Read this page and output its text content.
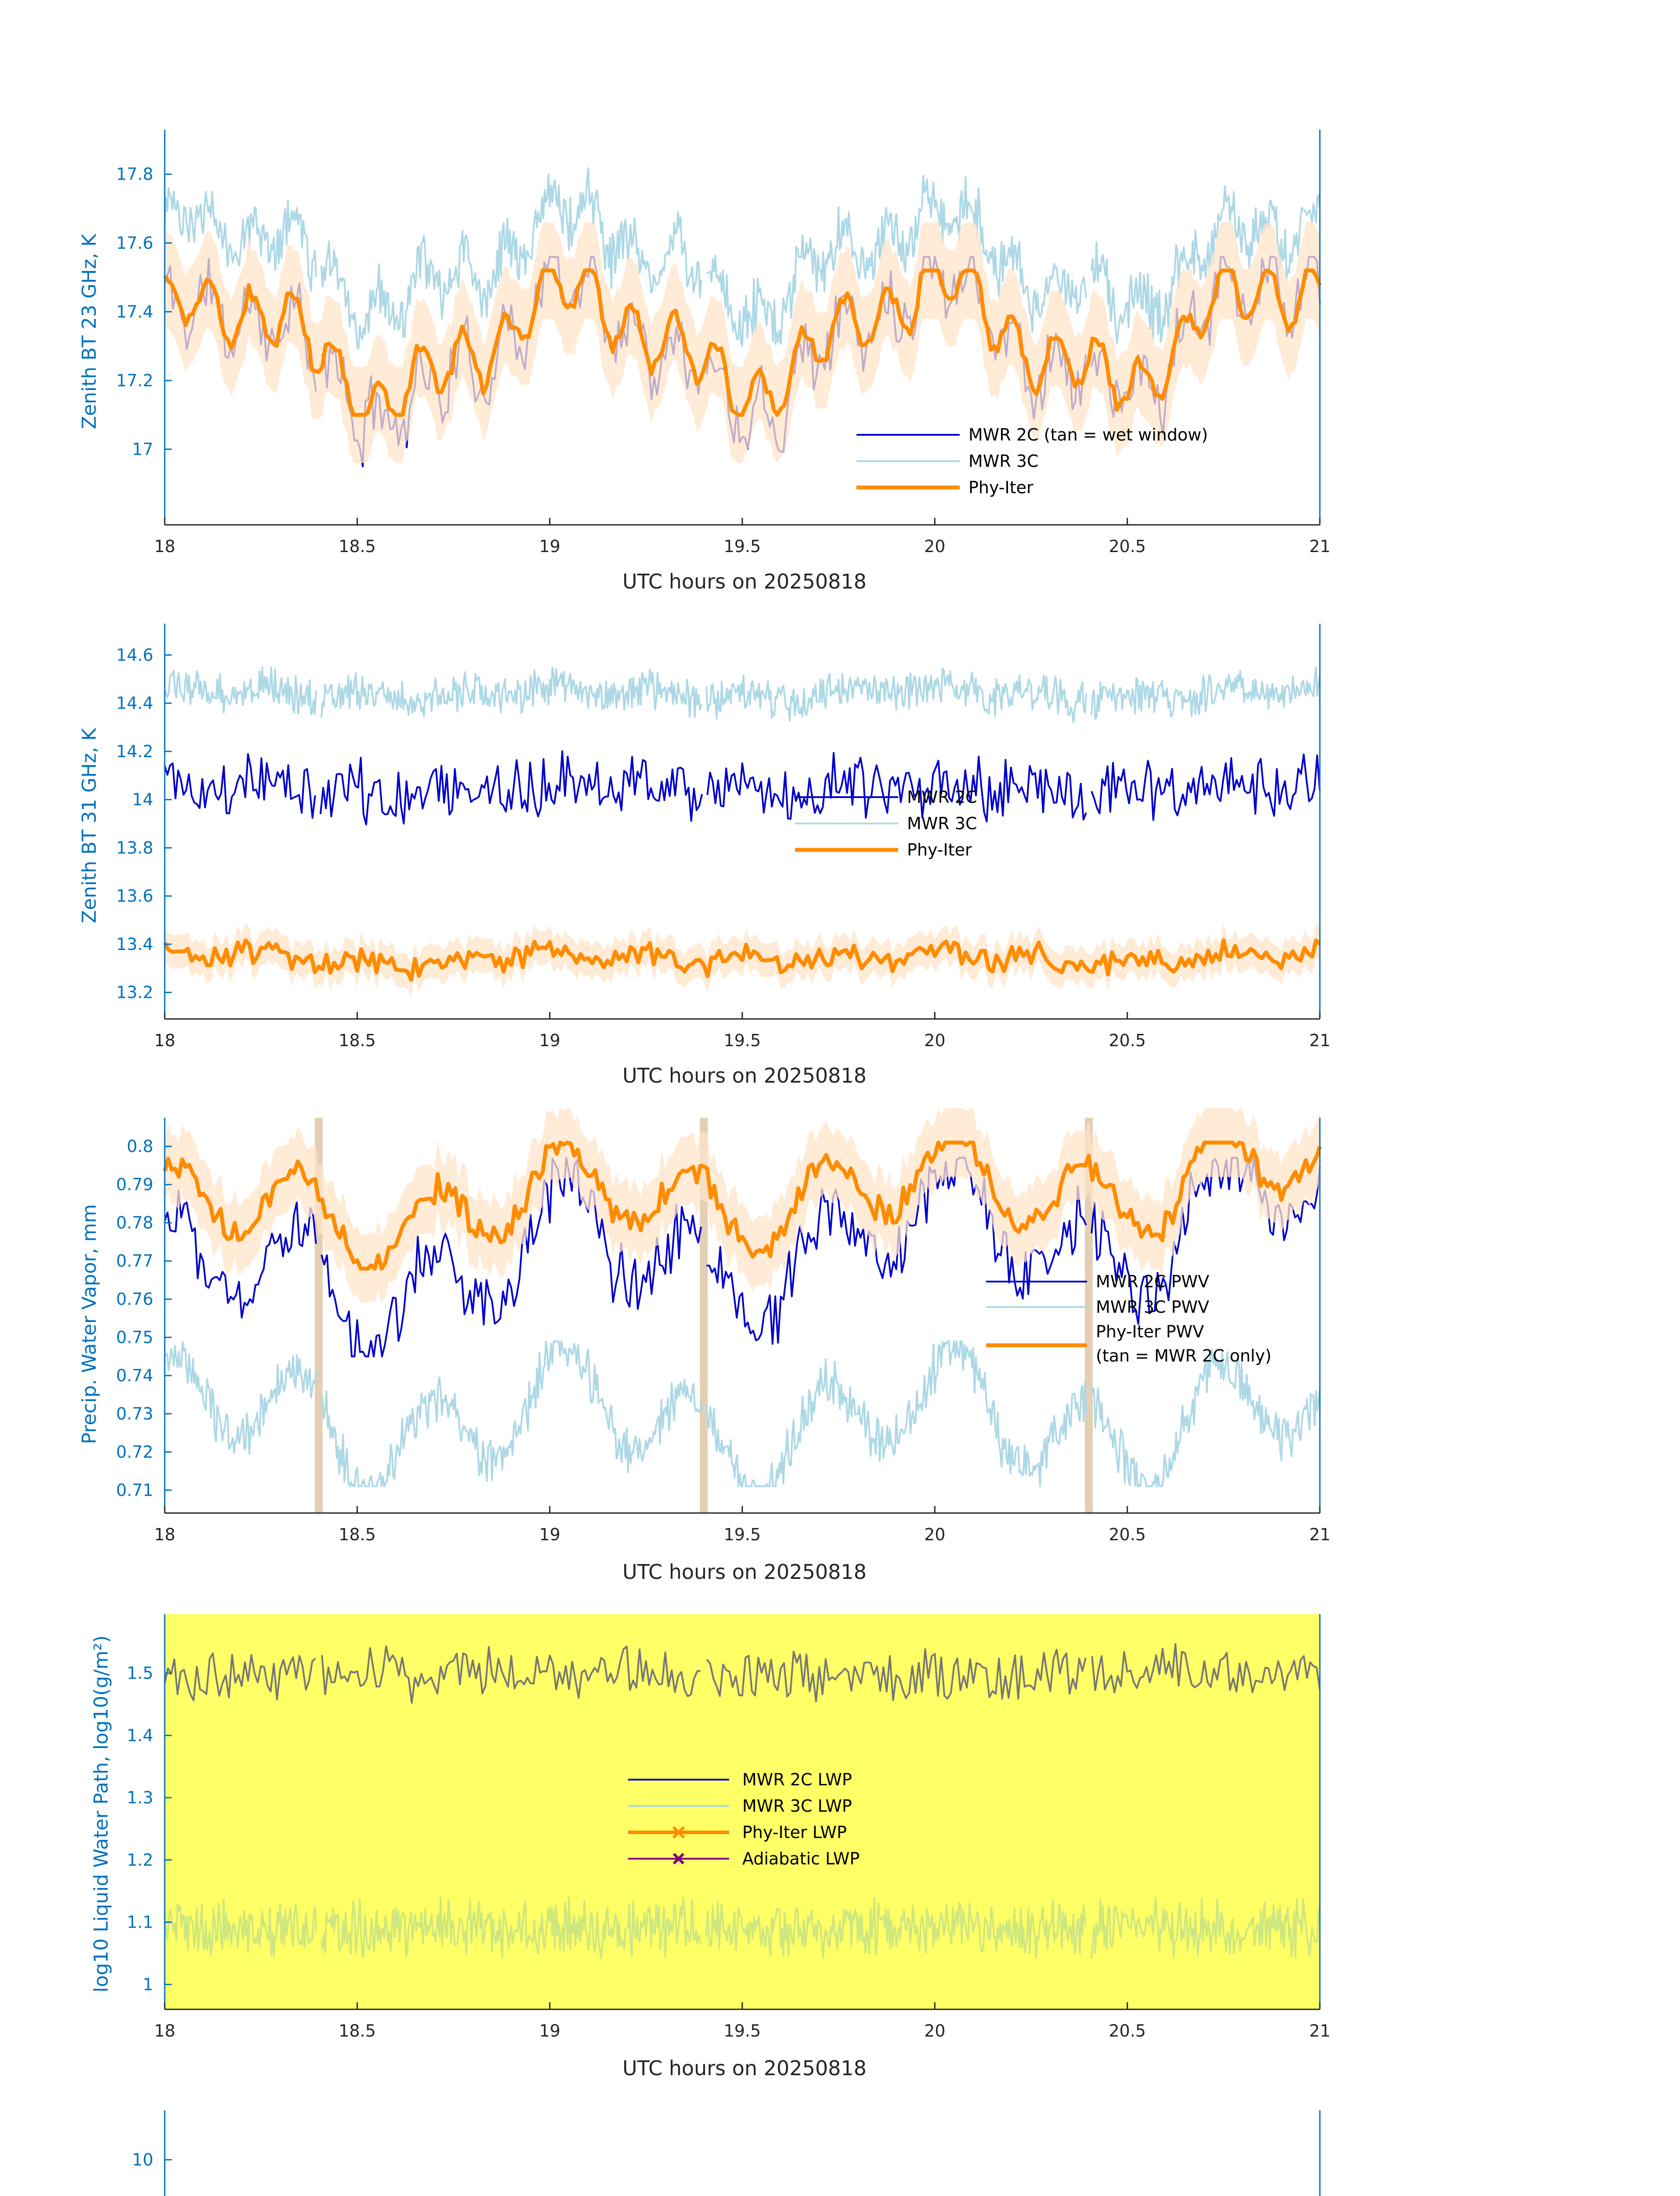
Zenith BT 23 GHz, K
UTC hours on 20250818
Zenith BT 31 GHz, K
UTC hours on 20250818
Precip. Water Vapor, mm
UTC hours on 20250818
log10 Liquid Water Path, log10(g/m²)
UTC hours on 20250818
18	18.5	19	19.5	20	20.5	21
17
17.2
17.4
17.6
17.8
18	18.5	19	19.5	20	20.5	21
13.2
13.4
13.6
13.8
14
14.2
14.4
14.6
18	18.5	19	19.5	20	20.5	21
0.71
0.72
0.73
0.74
0.75
0.76
0.77
0.78
0.79
0.8
18	18.5	19	19.5	20	20.5	21
1
1.1
1.2
1.3
1.4
1.5
10
MWR 2C (tan = wet window)
MWR 3C
Phy-Iter
MWR 2C
MWR 3C
Phy-Iter
MWR 2C PWV
MWR 3C PWV
Phy-Iter PWV
(tan = MWR 2C only)
MWR 2C LWP
MWR 3C LWP
Phy-Iter LWP
Adiabatic LWP
